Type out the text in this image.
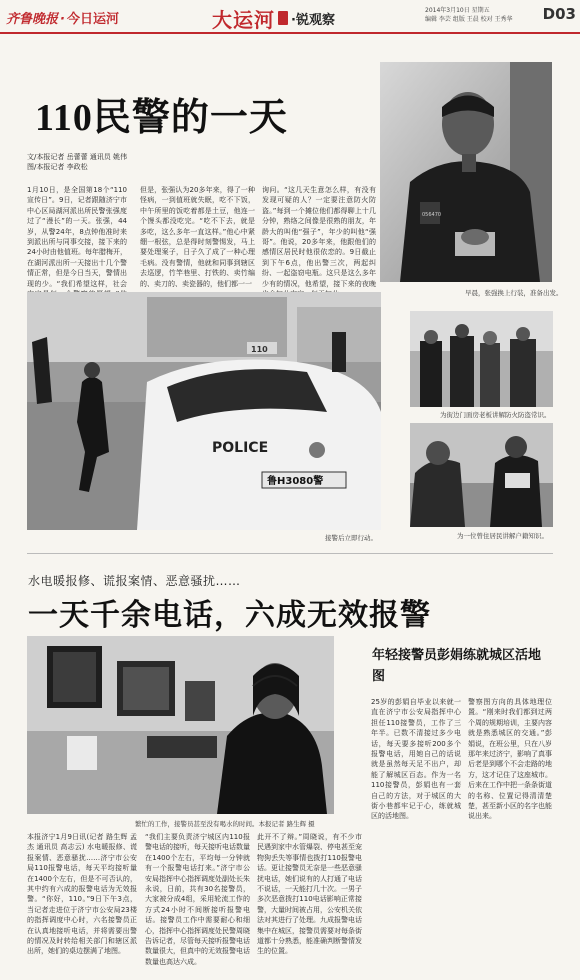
齐鲁晚报 · 今日运河	大运河 ·锐观察
2014年3月10日 星期五
编辑 李芸 组版 王晨 校对 王秀华 D03
110民警的一天
文/本报记者 岳蕾蕾 通讯员 姚伟
图/本报记者 李政松
1月10日，是全国第18个“110宣传日”。9日，记者跟随济宁市中心区局湖河派出所民警张强度过了“漫长”的一天。张强，44岁，从警24年，8点钟他准时来到派出所与同事交接，接下来的24小时由他值班。每年腊梅开，在湖河派出所一天接出十几个警情正常，但是今日当天，警情出现的少。“我们希望这样，社会
但是，张强认为20多年来，得了一种怪病，一到值班就失眠，吃不下饭，中午所里的饭吃着都是土豆，他连一个馒头都没吃完。“吃不下去，就是多吃，这么多年一直这样。”他心中紧绷一根弦，总是得时刻警惕发，马上要处理案子，日子久了成了一种心理毛病。没有警情，他就和同事到辖区去巡逻，竹竿巷里、打铁的、卖竹编的、卖刀的、卖瓷器的，他们都一一
询问。“这几天生意怎么样，有没有发现可疑的人？一定要注意防火防盗。”每到一个摊位他们都得聊上十几分钟，熟络之间像是很熟的朋友，年龄大的叫他“强子”，年少的叫他“强哥”。他说，20多年来，他跟他们的感情区居民时他很依恋的。9日截止到下午6点，他出警三次，两起纠纷、一起盗窃电瓶。这只是这么多年少有的情况，他希望，接下来的夜晚
056470
早晨，张强换上行装，准备出发。
110
POLICE
鲁H3080警
接警后立即行动。
为街边门面房老板讲解防火防盗常识。
为一位曾住居民讲解户籍知识。
水电暖报修、谎报案情、恶意骚扰……
一天千余电话，六成无效报警
繁忙的工作，接警员甚至没有喝水的时间。本报记者 路生辉 摄
年轻接警员彭娟练就城区活地图
本报济宁1月9日讯(记者 路生辉 孟杰 通讯员 高志云) 水电暖报修、谎报案情、恶意骚扰……济宁市公安局110报警电话，每天平均接听量在1400个左右，但是不可否认的，其中约有六成的报警电话为无效报警。“你好，110。”9日下午3点，当记者走进位于济宁市公安局23楼的指挥调度中心时，六名接警员正在认真地接听电话，并将需要出警的情况及时转给相关部门和辖区派出所，她们的桌边摆满了地图。
“我们主要负责济宁城区内110报警电话的接听，每天接听电话数量在1400个左右，平均每一分钟就有一个报警电话打来。”济宁市公安局指挥中心指挥调度处副处长朱永说，日前，共有30名接警员，大家被分成4组，采用轮流工作的方式24小时不间断接听报警电话。接警员工作中需要耐心和细心，指挥中心指挥调度处民警周晓告诉记者，尽管每天接听报警电话数量很大，但真中的无效报警电话数量也高达六成。
此开不了辩。”周晓说，有不少市民遇到家中水管爆裂、停电甚至宠物狗丢失等事情也拨打110报警电话。更让接警员无奈是一些恶意骚扰电话，她们说有的人打通了电话不说话，一天能打几十次。一男子多次恶意拨打110电话影响正常接警，大量时间被占用，公安机关依法对其进行了处理。九成报警电话集中在城区，接警员需要对每条街道都十分熟悉，能准确判断警情发生的位置。
25岁的彭娟自毕业以来就一直在济宁市公安局指挥中心担任110接警员，工作了三年半。已数不清接过多少电话，每天要多接听200多个报警电话，用她自己的话说就是虽然每天足不出户，却能了解城区百态。作为一名110接警员，彭娟也有一套自己的方法，对于城区的大街小巷都牢记于心，练就城区的活地图。
警察图方向的具体地理位置。“刚来时我们都到过两个周的规期培训，主要内容就是熟悉城区的交通。”彭娟说，在班公里，只在八岁那年来过济宁，影响了真事后老是到哪个不会走路的地方，这才记住了这座城市。后来在工作中把一条条街道的名称、位置记得清清楚楚，甚至新小区的名字也能说出来。
